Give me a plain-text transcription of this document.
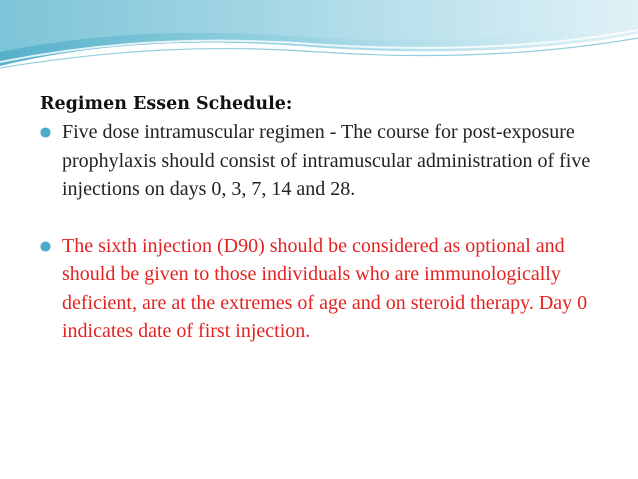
Regimen Essen Schedule:

Five dose intramuscular regimen - The course for post-exposure prophylaxis should consist of intramuscular administration of five injections on days 0, 3, 7, 14 and 28.

The sixth injection (D90) should be considered as optional and should be given to those individuals who are immunologically deficient, are at the extremes of age and on steroid therapy. Day 0 indicates date of first injection.
